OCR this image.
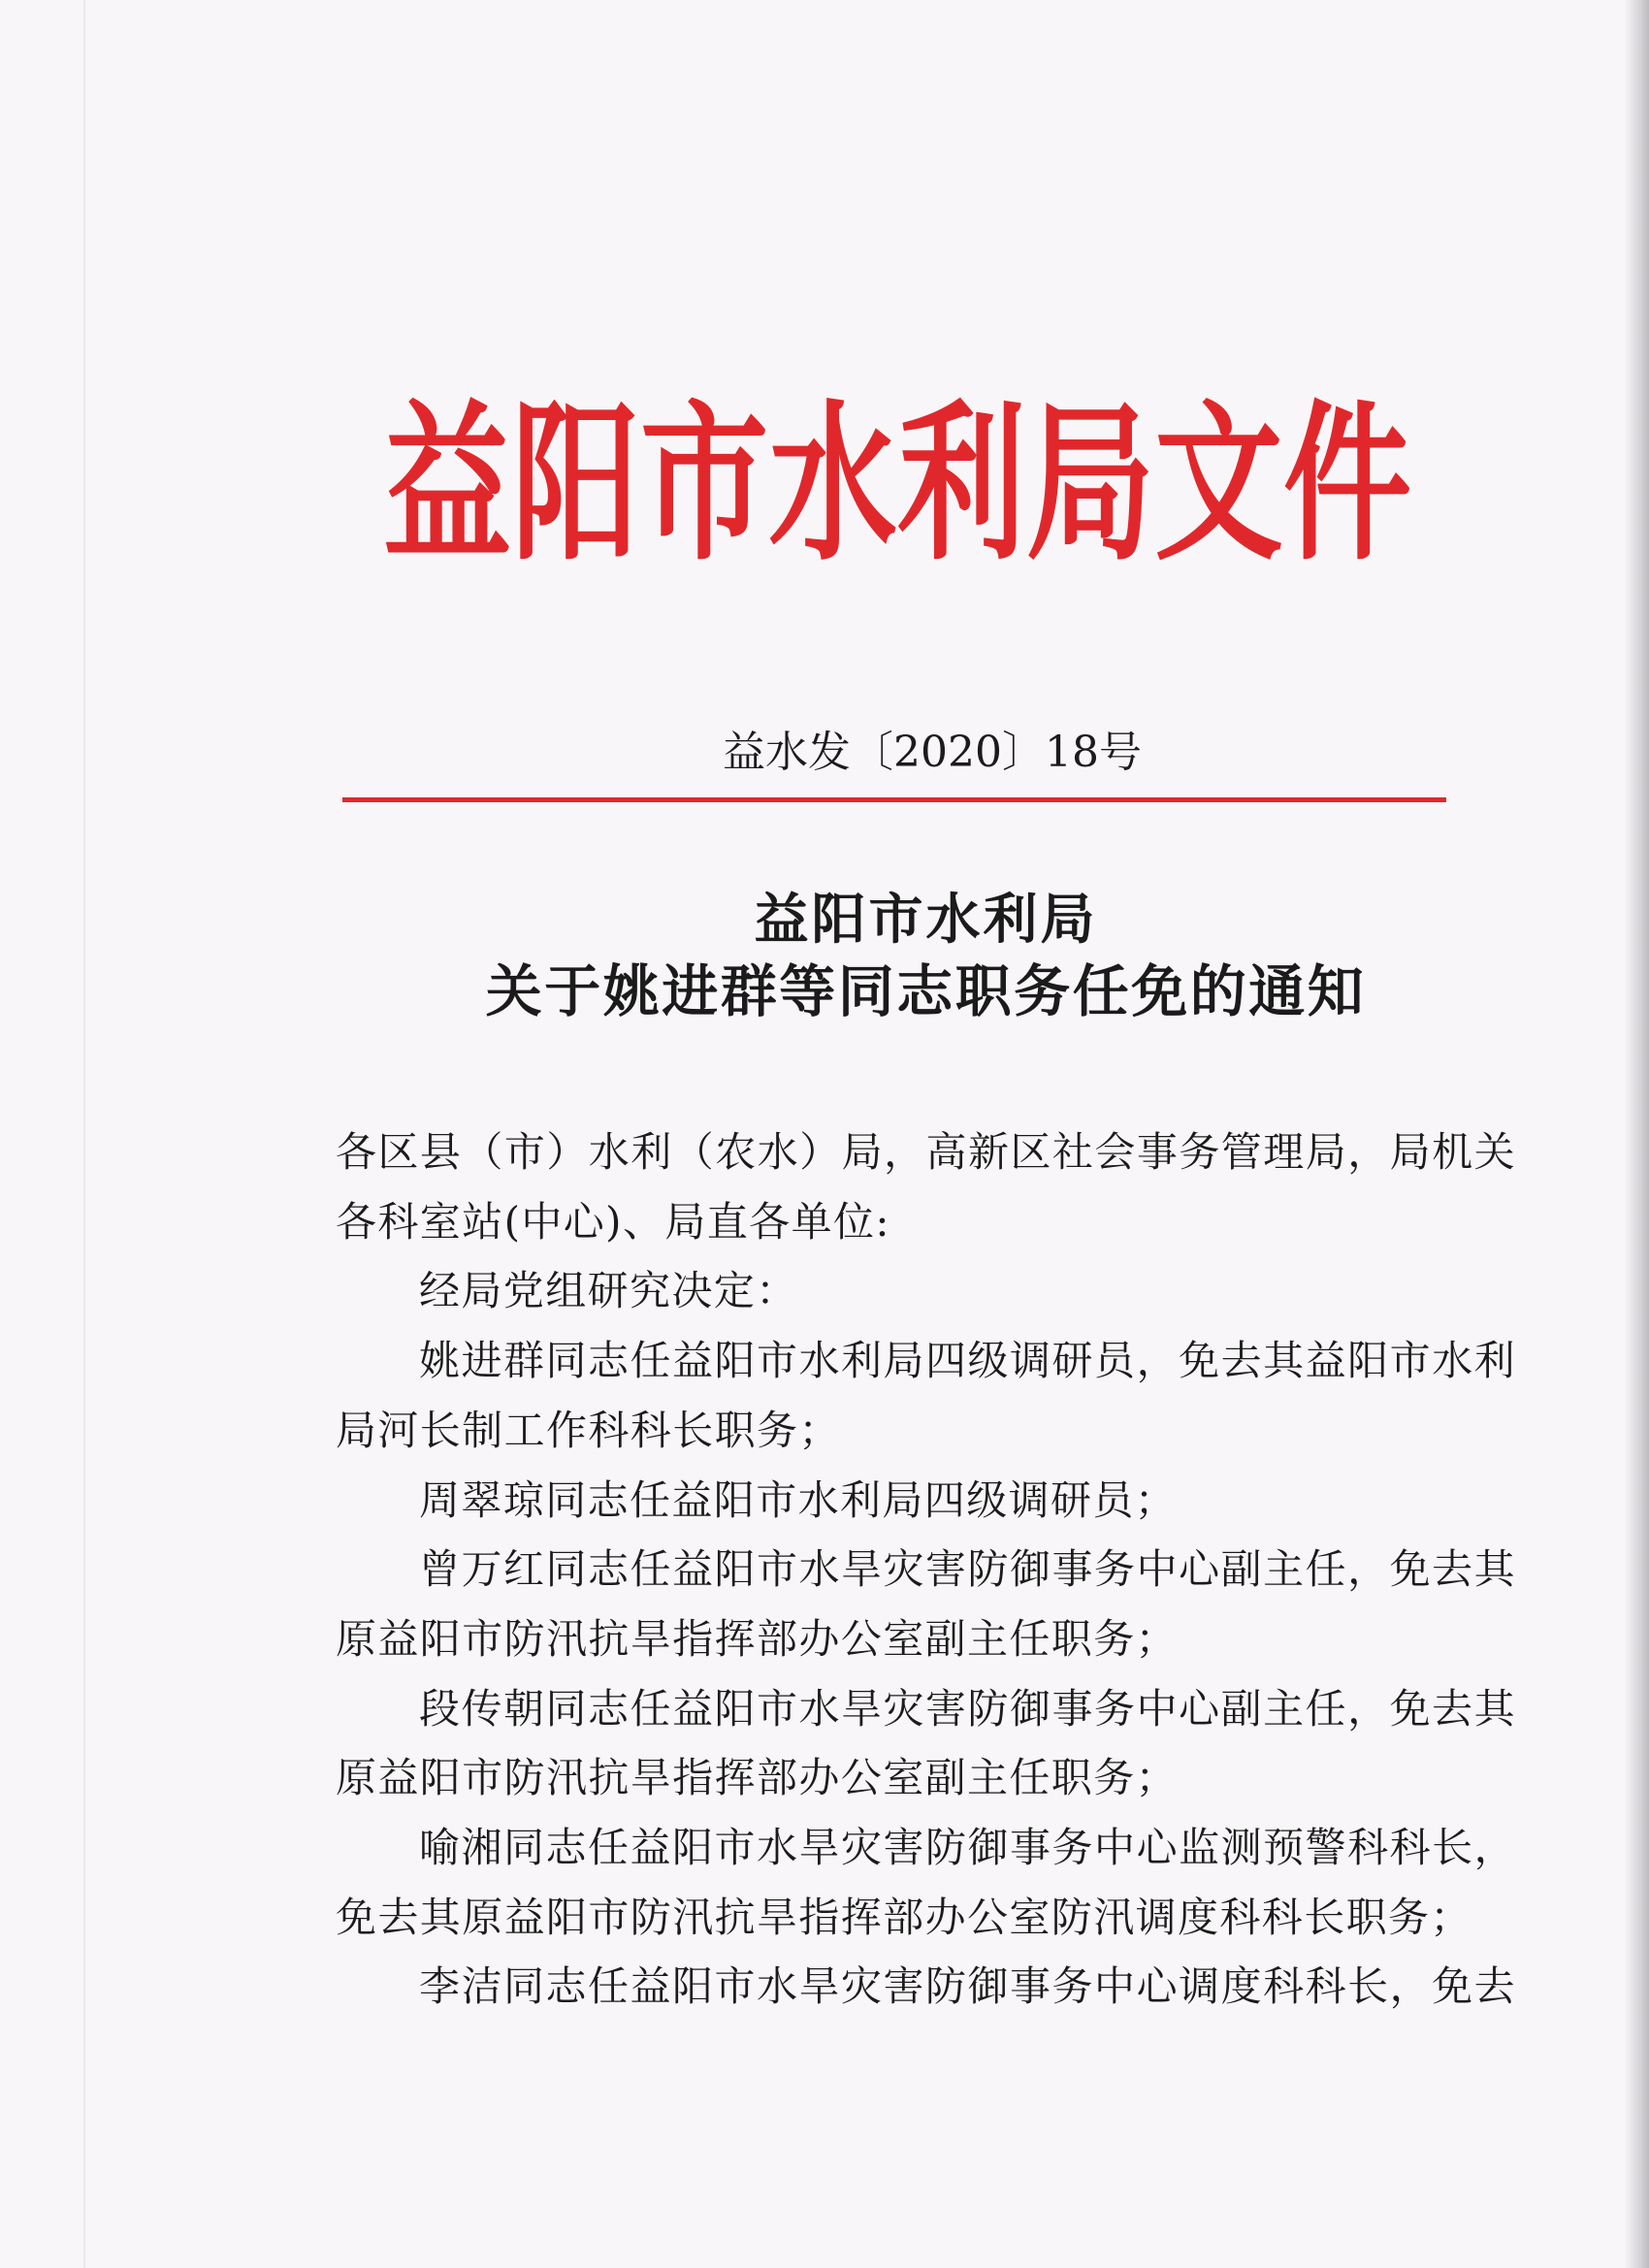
益阳市水利局文件
益水发〔2020〕18号
益阳市水利局
关于姚进群等同志职务任免的通知
各区县（市）水利（农水）局，高新区社会事务管理局，局机关
各科室站(中心)、局直各单位:
经局党组研究决定：
姚进群同志任益阳市水利局四级调研员，免去其益阳市水利
局河长制工作科科长职务；
周翠琼同志任益阳市水利局四级调研员；
曾万红同志任益阳市水旱灾害防御事务中心副主任，免去其
原益阳市防汛抗旱指挥部办公室副主任职务；
段传朝同志任益阳市水旱灾害防御事务中心副主任，免去其
原益阳市防汛抗旱指挥部办公室副主任职务；
喻湘同志任益阳市水旱灾害防御事务中心监测预警科科长，
免去其原益阳市防汛抗旱指挥部办公室防汛调度科科长职务；
李洁同志任益阳市水旱灾害防御事务中心调度科科长，免去
